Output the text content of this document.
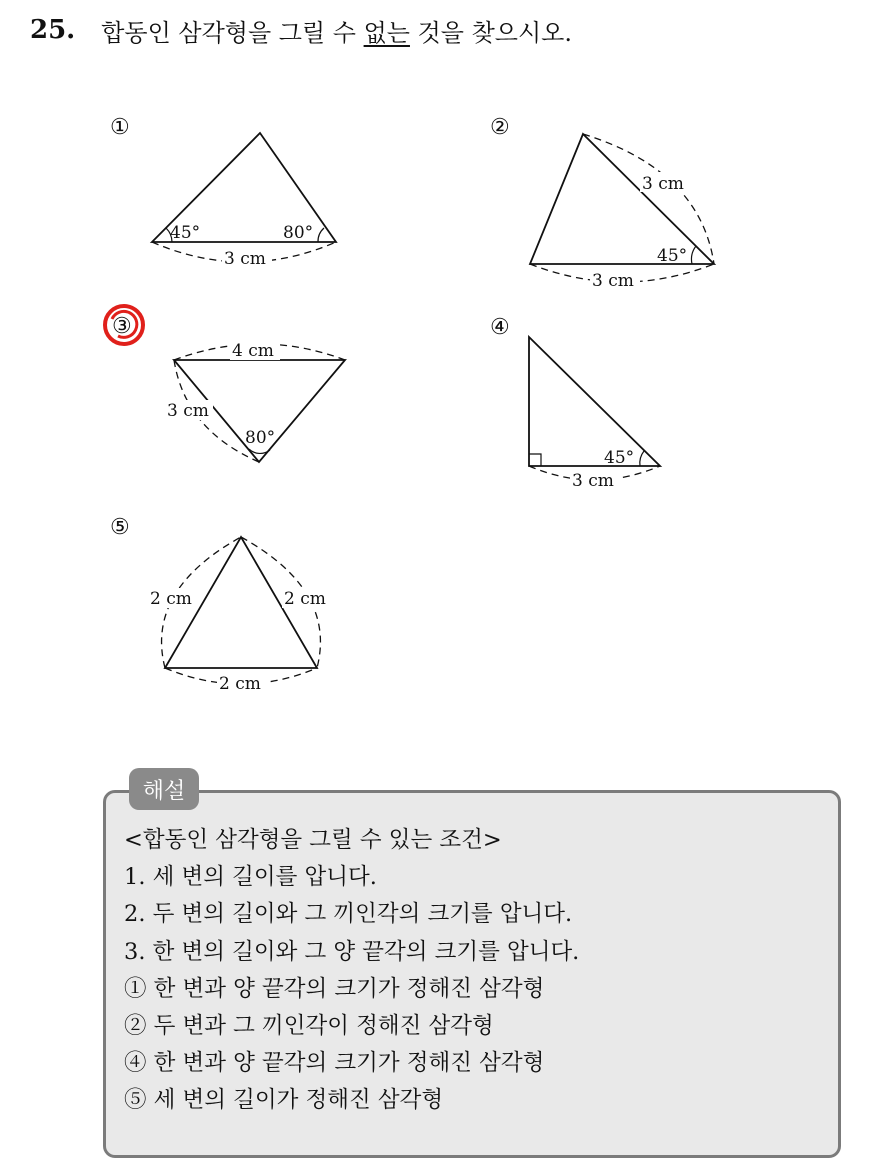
25. 합동인 삼각형을 그릴 수 없는 것을 찾으시오.
①
45°	80°
3 cm
②
3 cm
45°
3 cm
③
4 cm
3 cm
80°
④
45°
3 cm
⑤
2 cm	2 cm
2 cm
해설
<합동인 삼각형을 그릴 수 있는 조건>
1. 세 변의 길이를 압니다.
2. 두 변의 길이와 그 끼인각의 크기를 압니다.
3. 한 변의 길이와 그 양 끝각의 크기를 압니다.
① 한 변과 양 끝각의 크기가 정해진 삼각형
② 두 변과 그 끼인각이 정해진 삼각형
④ 한 변과 양 끝각의 크기가 정해진 삼각형
⑤ 세 변의 길이가 정해진 삼각형
